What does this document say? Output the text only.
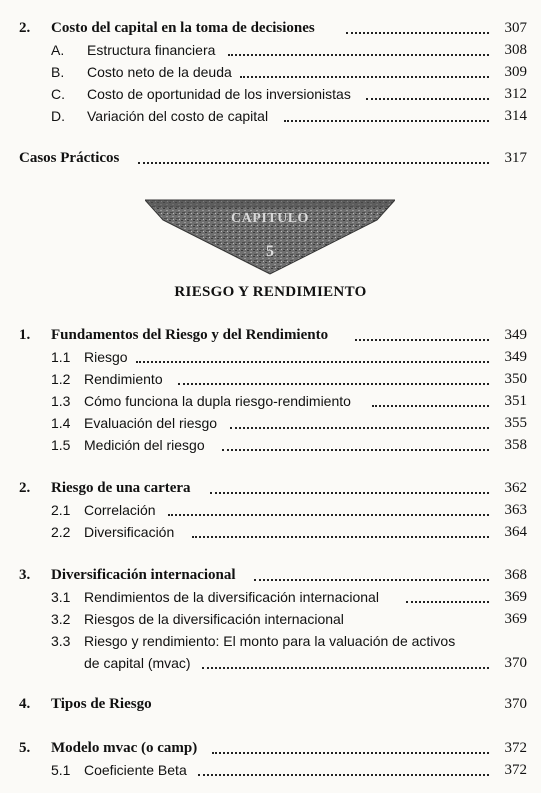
2. Costo del capital en la toma de decisiones	307
A. Estructura financiera	308
B. Costo neto de la deuda	309
C. Costo de oportunidad de los inversionistas	312
D. Variación del costo de capital	314
Casos Prácticos	317
CAPITULO
5
RIESGO Y RENDIMIENTO
1. Fundamentos del Riesgo y del Rendimiento	349
1.1 Riesgo	349
1.2 Rendimiento	350
1.3 Cómo funciona la dupla riesgo-rendimiento	351
1.4 Evaluación del riesgo	355
1.5 Medición del riesgo	358
2. Riesgo de una cartera	362
2.1 Correlación	363
2.2 Diversificación	364
3. Diversificación internacional	368
3.1 Rendimientos de la diversificación internacional	369
3.2 Riesgos de la diversificación internacional	369
3.3 Riesgo y rendimiento: El monto para la valuación de activos
de capital (mvac)	370
4. Tipos de Riesgo	370
5. Modelo mvac (o camp)	372
5.1 Coeficiente Beta	372
